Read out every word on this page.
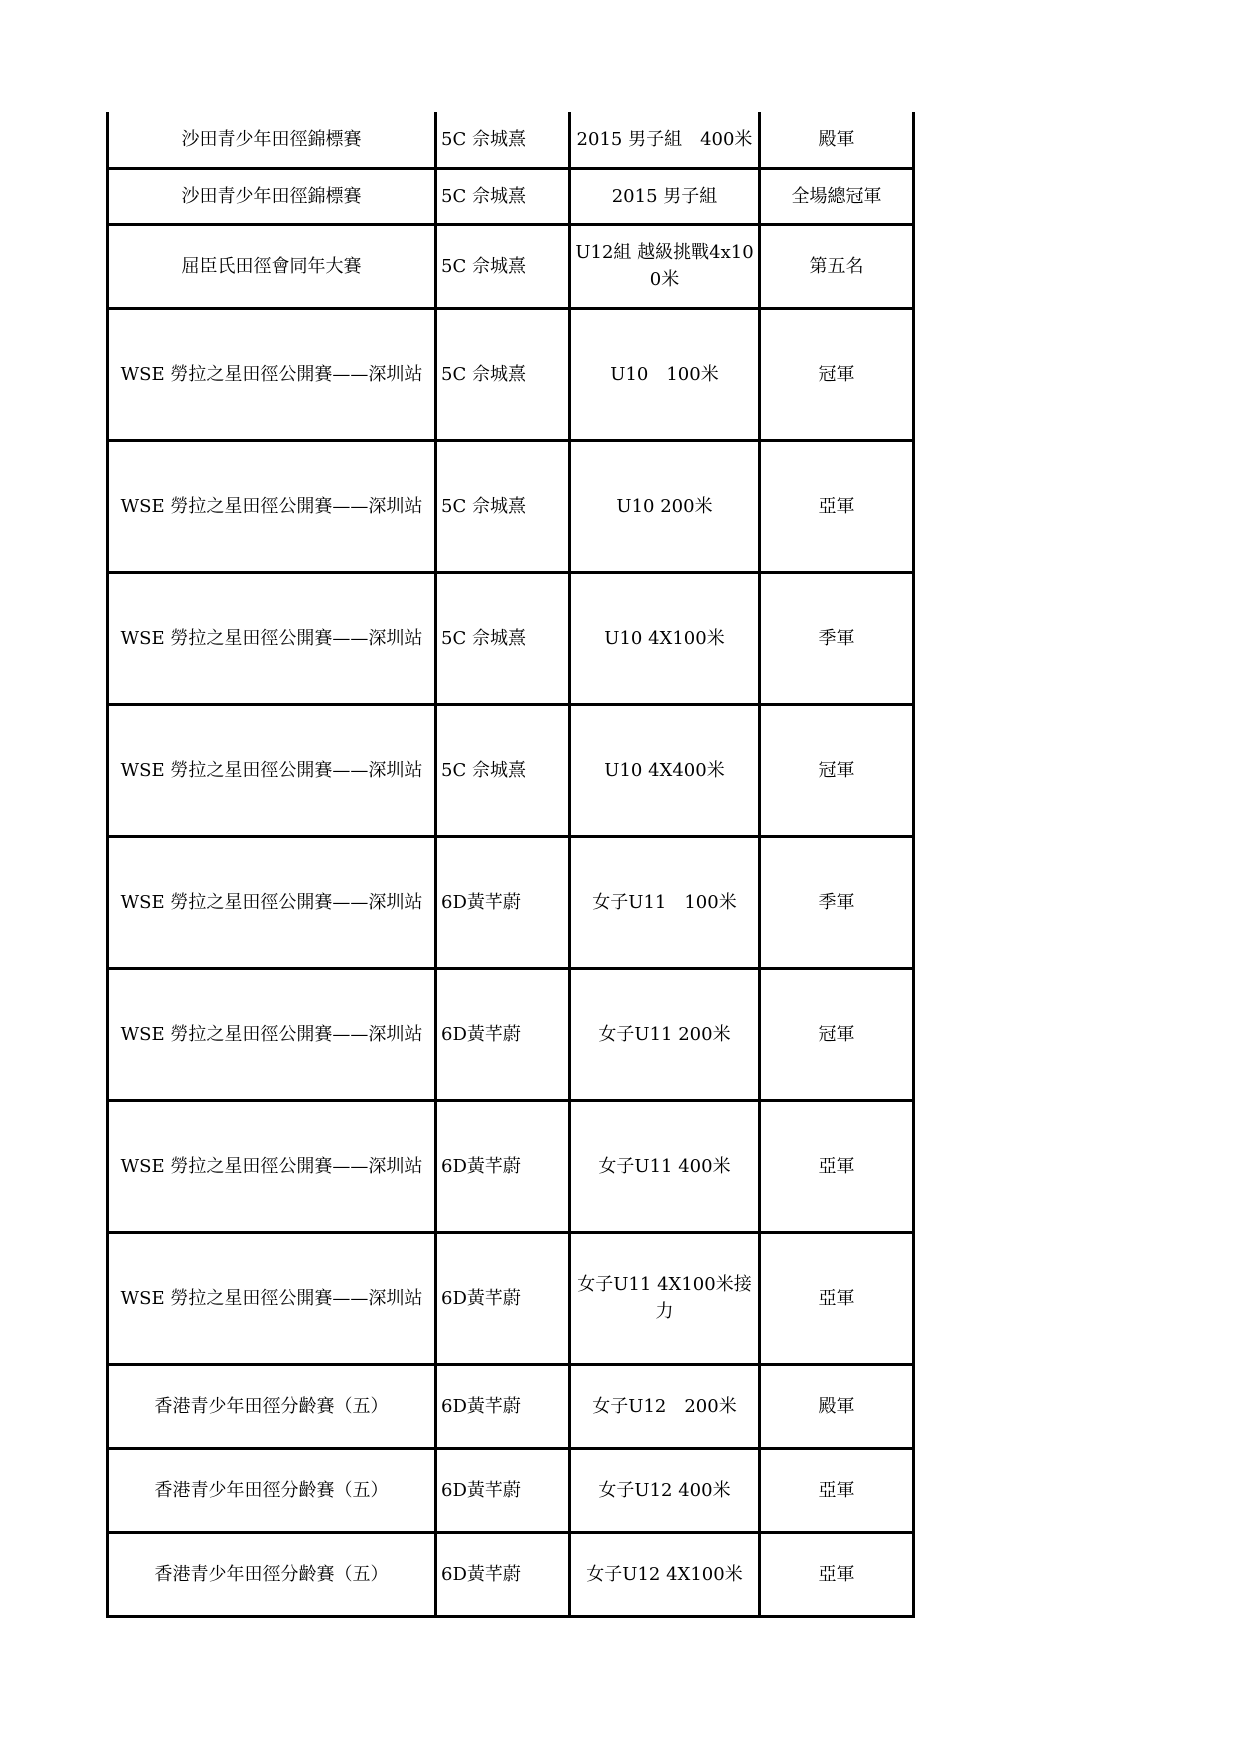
沙田青少年田徑錦標賽	5C 佘城熹	2015 男子組　400米	殿軍
沙田青少年田徑錦標賽	5C 佘城熹	2015 男子組	全場總冠軍
屈臣氏田徑會同年大賽	5C 佘城熹	U12組 越級挑戰4x100米	第五名
WSE 勞拉之星田徑公開賽——深圳站	5C 佘城熹	U10　100米	冠軍
WSE 勞拉之星田徑公開賽——深圳站	5C 佘城熹	U10 200米	亞軍
WSE 勞拉之星田徑公開賽——深圳站	5C 佘城熹	U10 4X100米	季軍
WSE 勞拉之星田徑公開賽——深圳站	5C 佘城熹	U10 4X400米	冠軍
WSE 勞拉之星田徑公開賽——深圳站	6D黃芊蔚	女子U11　100米	季軍
WSE 勞拉之星田徑公開賽——深圳站	6D黃芊蔚	女子U11 200米	冠軍
WSE 勞拉之星田徑公開賽——深圳站	6D黃芊蔚	女子U11 400米	亞軍
WSE 勞拉之星田徑公開賽——深圳站	6D黃芊蔚	女子U11 4X100米接力	亞軍
香港青少年田徑分齡賽（五）	6D黃芊蔚	女子U12　200米	殿軍
香港青少年田徑分齡賽（五）	6D黃芊蔚	女子U12 400米	亞軍
香港青少年田徑分齡賽（五）	6D黃芊蔚	女子U12 4X100米	亞軍
